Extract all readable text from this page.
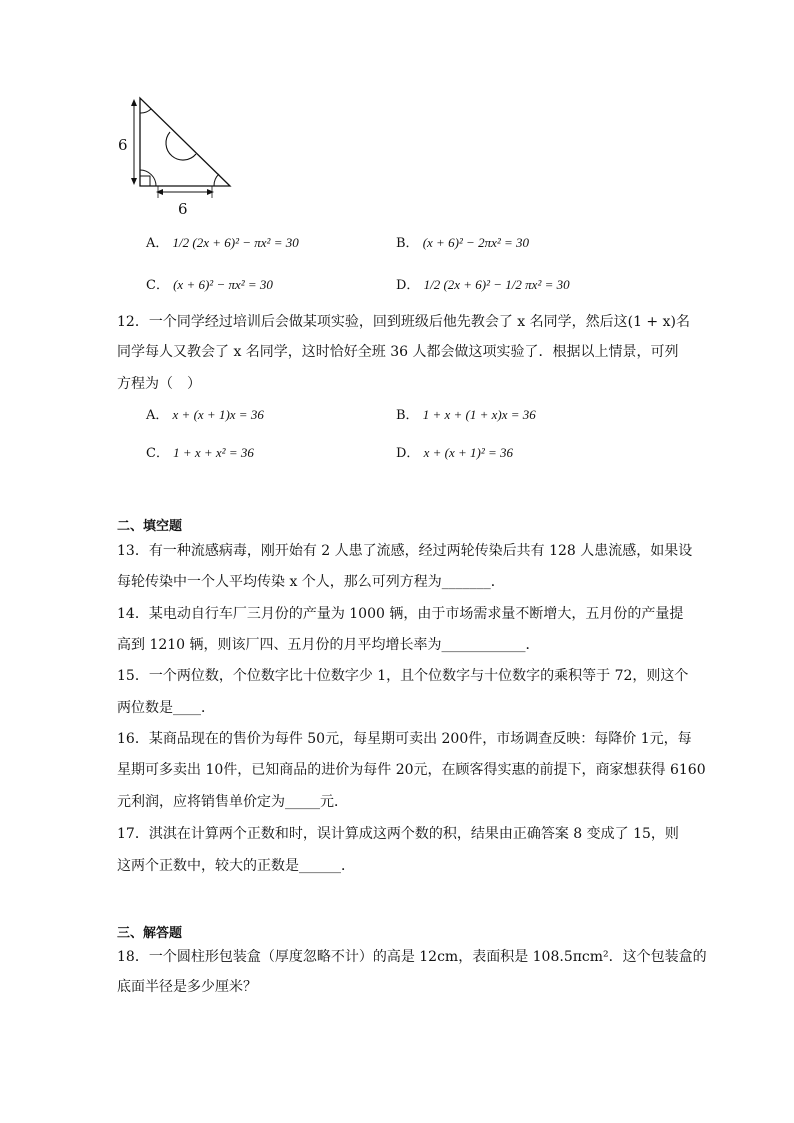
6
6
A． 1/2 (2x + 6)² − πx² = 30	B． (x + 6)² − 2πx² = 30
C． (x + 6)² − πx² = 30	D． 1/2 (2x + 6)² − 1/2 πx² = 30
12．一个同学经过培训后会做某项实验，回到班级后他先教会了 x 名同学，然后这(1 + x)名
同学每人又教会了 x 名同学，这时恰好全班 36 人都会做这项实验了．根据以上情景，可列
方程为（　）
A． x + (x + 1)x = 36	B． 1 + x + (1 + x)x = 36
C． 1 + x + x² = 36	D． x + (x + 1)² = 36
二、填空题
13．有一种流感病毒，刚开始有 2 人患了流感，经过两轮传染后共有 128 人患流感，如果设
每轮传染中一个人平均传染 x 个人，那么可列方程为_______．
14．某电动自行车厂三月份的产量为 1000 辆，由于市场需求量不断增大，五月份的产量提
高到 1210 辆，则该厂四、五月份的月平均增长率为____________．
15．一个两位数，个位数字比十位数字少 1，且个位数字与十位数字的乘积等于 72，则这个
两位数是____．
16．某商品现在的售价为每件 50元，每星期可卖出 200件，市场调查反映：每降价 1元，每
星期可多卖出 10件，已知商品的进价为每件 20元，在顾客得实惠的前提下，商家想获得 6160
元利润，应将销售单价定为_____元．
17．淇淇在计算两个正数和时，误计算成这两个数的积，结果由正确答案 8 变成了 15，则
这两个正数中，较大的正数是______．
三、解答题
18．一个圆柱形包装盒（厚度忽略不计）的高是 12cm，表面积是 108.5πcm²．这个包装盒的
底面半径是多少厘米？
